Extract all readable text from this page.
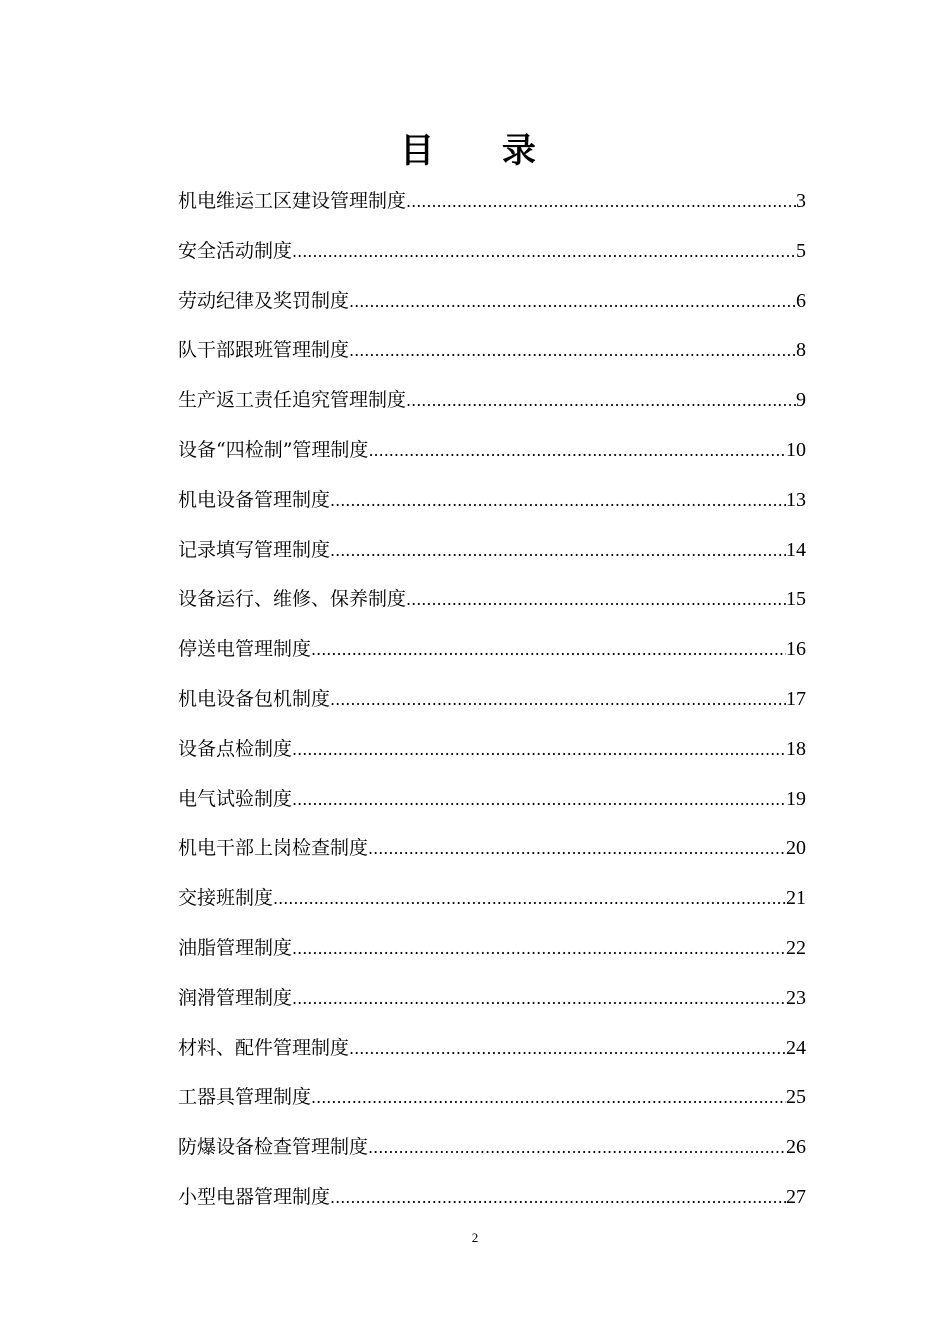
目 录
机电维运工区建设管理制度 .....	3
安全活动制度 .....	5
劳动纪律及奖罚制度 .....	6
队干部跟班管理制度 .....	8
生产返工责任追究管理制度 .....	9
设备“四检制”管理制度 .....	10
机电设备管理制度 .....	13
记录填写管理制度 .....	14
设备运行、维修、保养制度 .....	15
停送电管理制度 .....	16
机电设备包机制度 .....	17
设备点检制度 .....	18
电气试验制度 .....	19
机电干部上岗检查制度 .....	20
交接班制度 .....	21
油脂管理制度 .....	22
润滑管理制度 .....	23
材料、配件管理制度 .....	24
工器具管理制度 .....	25
防爆设备检查管理制度 .....	26
小型电器管理制度 .....	27
2
